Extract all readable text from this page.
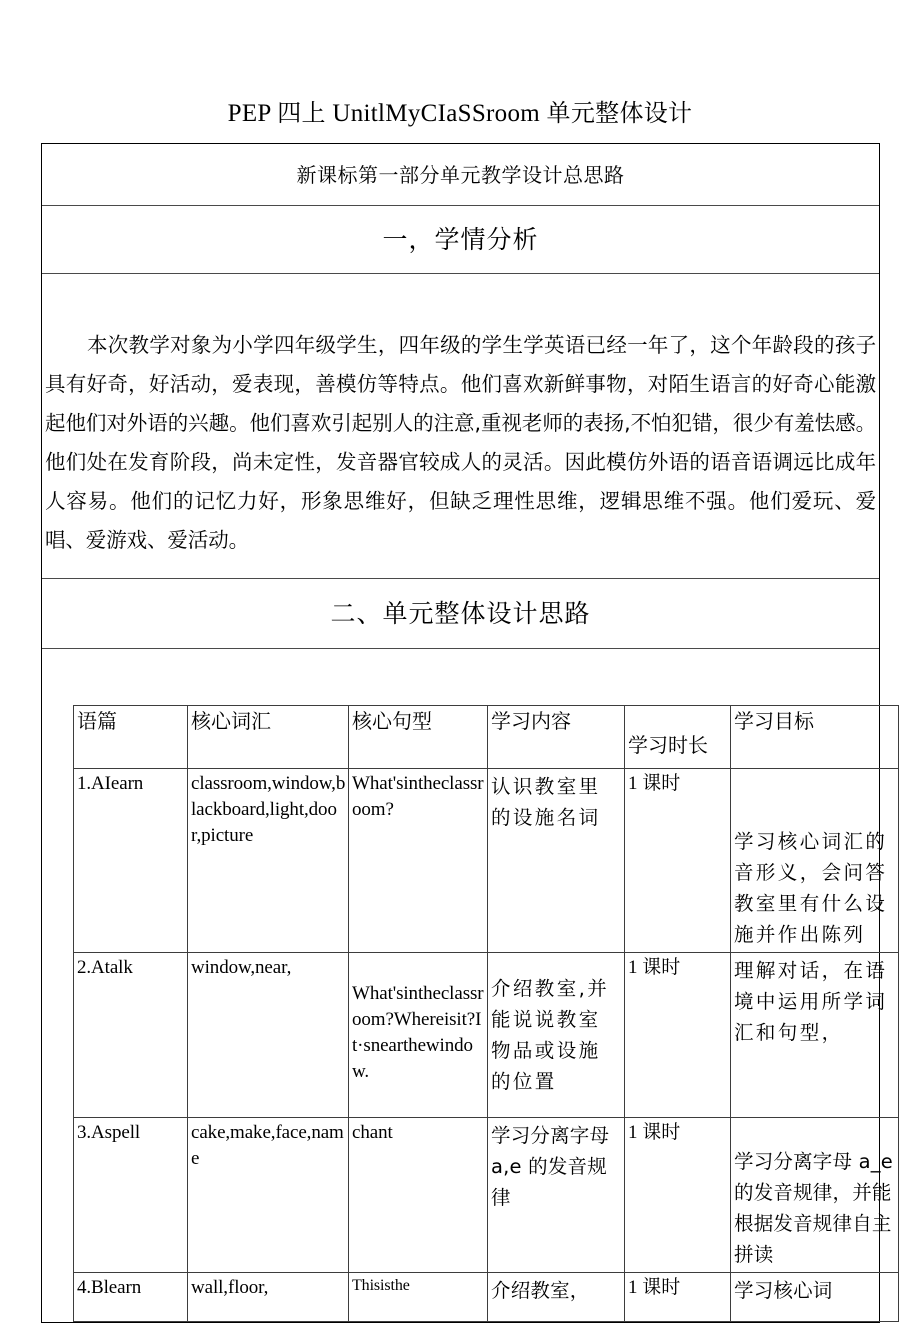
PEP 四上 UnitlMyCIaSSroom 单元整体设计
新课标第一部分单元教学设计总思路
一，学情分析

本次教学对象为小学四年级学生，四年级的学生学英语已经一年了，这个年龄段的孩子具有好奇，好活动，爱表现，善模仿等特点。他们喜欢新鲜事物，对陌生语言的好奇心能激起他们对外语的兴趣。他们喜欢引起别人的注意,重视老师的表扬,不怕犯错，很少有羞怯感。他们处在发育阶段，尚未定性，发音器官较成人的灵活。因此模仿外语的语音语调远比成年人容易。他们的记忆力好，形象思维好，但缺乏理性思维，逻辑思维不强。他们爱玩、爱唱、爱游戏、爱活动。

二、单元整体设计思路
语篇	核心词汇	核心句型	学习内容	学习时长	学习目标
1.AIearn	classroom,window,blackboard,light,door,picture	What'sintheclassroom?	认识教室里的设施名词	1 课时	学习核心词汇的音形义，会问答教室里有什么设施并作出陈列

2.Atalk	window,near,	What'sintheclassroom?Whereisit?It·snearthewindow.	介绍教室,并能说说教室物品或设施的位置	1 课时	理解对话，在语境中运用所学词汇和句型，
3.Aspell	cake,make,face,name	chant	学习分离字母 a,e 的发音规律	1 课时	学习分离字母 a_e的发音规律，并能根据发音规律自主拼读

4.Blearn	wall,floor,	Thisisthe	介绍教室，	1 课时	学习核心词
